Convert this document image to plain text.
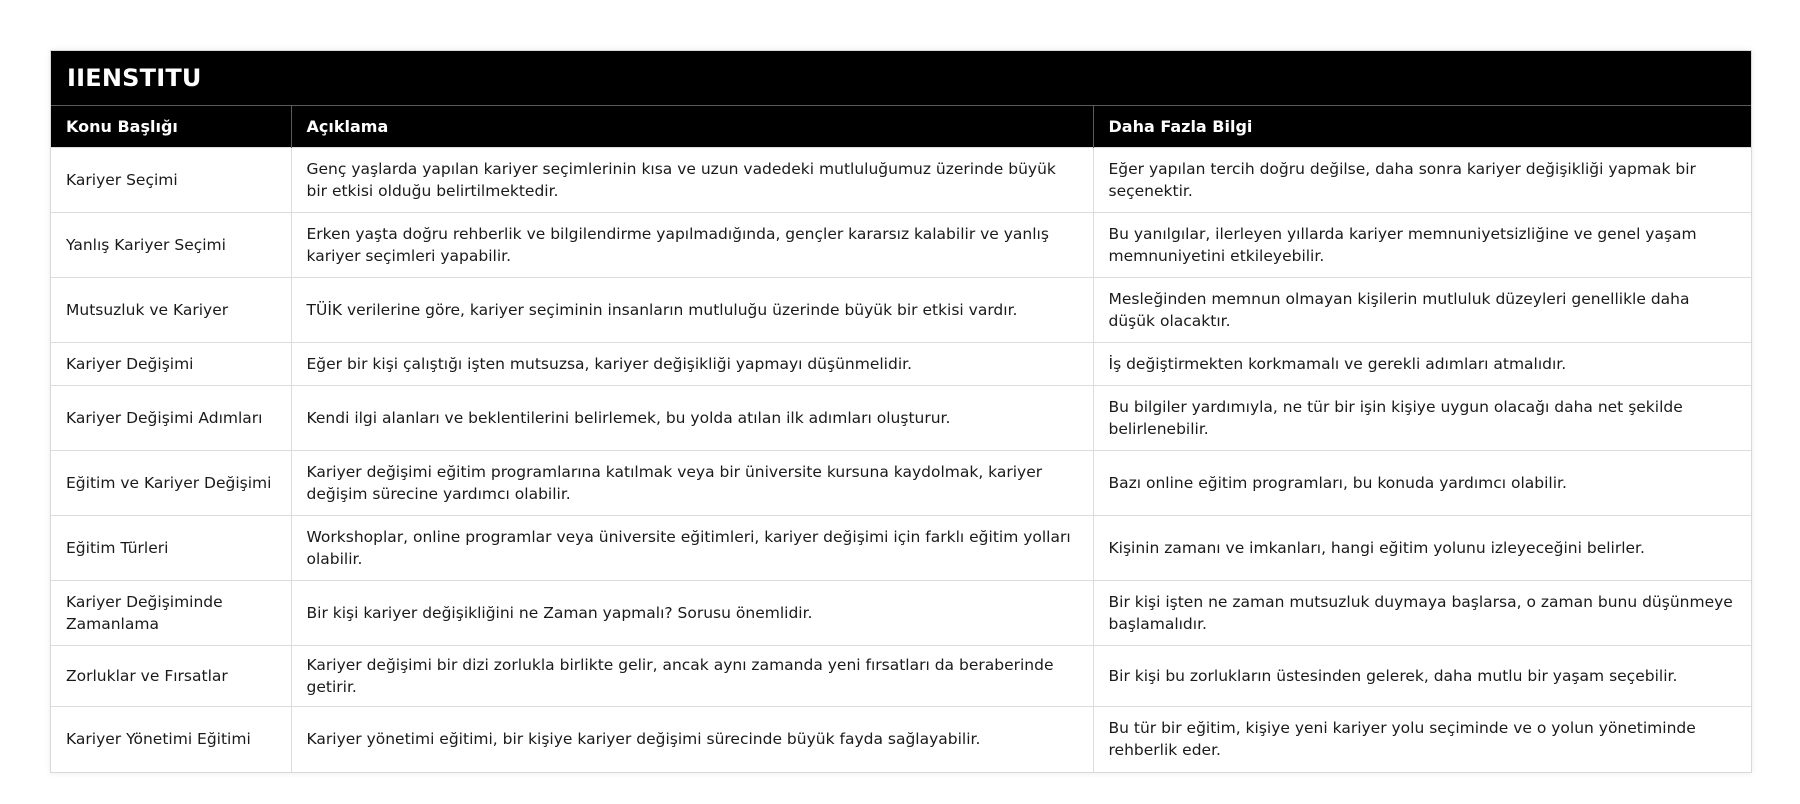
IIENSTITU
Konu Başlığı	Açıklama	Daha Fazla Bilgi
Kariyer Seçimi	Genç yaşlarda yapılan kariyer seçimlerinin kısa ve uzun vadedeki mutluluğumuz üzerinde büyük bir etkisi olduğu belirtilmektedir.	Eğer yapılan tercih doğru değilse, daha sonra kariyer değişikliği yapmak bir seçenektir.
Yanlış Kariyer Seçimi	Erken yaşta doğru rehberlik ve bilgilendirme yapılmadığında, gençler kararsız kalabilir ve yanlış kariyer seçimleri yapabilir.	Bu yanılgılar, ilerleyen yıllarda kariyer memnuniyetsizliğine ve genel yaşam memnuniyetini etkileyebilir.
Mutsuzluk ve Kariyer	TÜİK verilerine göre, kariyer seçiminin insanların mutluluğu üzerinde büyük bir etkisi vardır.	Mesleğinden memnun olmayan kişilerin mutluluk düzeyleri genellikle daha düşük olacaktır.
Kariyer Değişimi	Eğer bir kişi çalıştığı işten mutsuzsa, kariyer değişikliği yapmayı düşünmelidir.	İş değiştirmekten korkmamalı ve gerekli adımları atmalıdır.
Kariyer Değişimi Adımları	Kendi ilgi alanları ve beklentilerini belirlemek, bu yolda atılan ilk adımları oluşturur.	Bu bilgiler yardımıyla, ne tür bir işin kişiye uygun olacağı daha net şekilde belirlenebilir.
Eğitim ve Kariyer Değişimi	Kariyer değişimi eğitim programlarına katılmak veya bir üniversite kursuna kaydolmak, kariyer değişim sürecine yardımcı olabilir.	Bazı online eğitim programları, bu konuda yardımcı olabilir.
Eğitim Türleri	Workshoplar, online programlar veya üniversite eğitimleri, kariyer değişimi için farklı eğitim yolları olabilir.	Kişinin zamanı ve imkanları, hangi eğitim yolunu izleyeceğini belirler.
Kariyer Değişiminde Zamanlama	Bir kişi kariyer değişikliğini ne Zaman yapmalı? Sorusu önemlidir.	Bir kişi işten ne zaman mutsuzluk duymaya başlarsa, o zaman bunu düşünmeye başlamalıdır.
Zorluklar ve Fırsatlar	Kariyer değişimi bir dizi zorlukla birlikte gelir, ancak aynı zamanda yeni fırsatları da beraberinde getirir.	Bir kişi bu zorlukların üstesinden gelerek, daha mutlu bir yaşam seçebilir.
Kariyer Yönetimi Eğitimi	Kariyer yönetimi eğitimi, bir kişiye kariyer değişimi sürecinde büyük fayda sağlayabilir.	Bu tür bir eğitim, kişiye yeni kariyer yolu seçiminde ve o yolun yönetiminde rehberlik eder.
